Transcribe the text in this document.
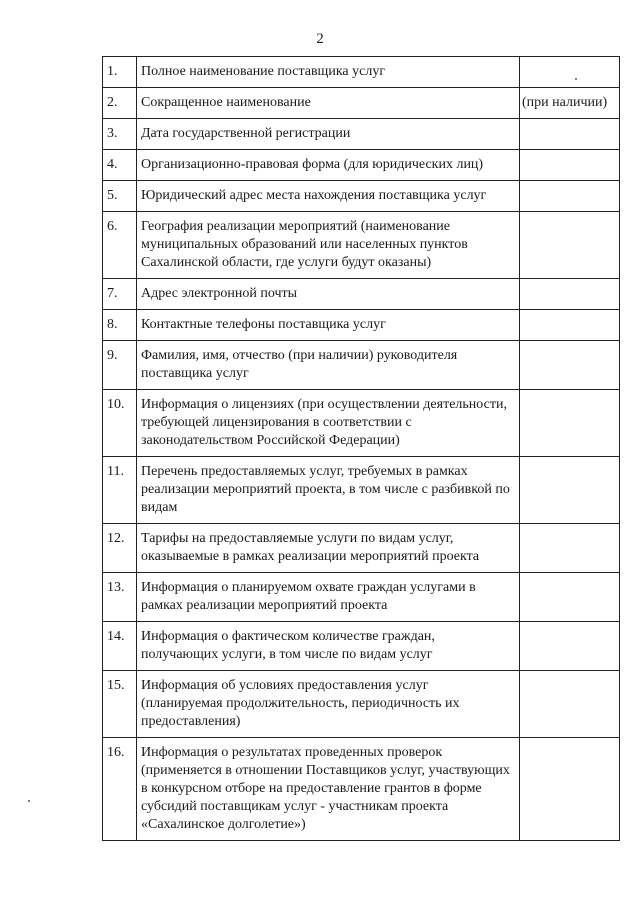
2
1.	Полное наименование поставщика услуг	
2.	Сокращенное наименование	(при наличии)
3.	Дата государственной регистрации	
4.	Организационно-правовая форма (для юридических лиц)	
5.	Юридический адрес места нахождения поставщика услуг	
6.	География реализации мероприятий (наименование муниципальных образований или населенных пунктов Сахалинской области, где услуги будут оказаны)	
7.	Адрес электронной почты	
8.	Контактные телефоны поставщика услуг	
9.	Фамилия, имя, отчество (при наличии) руководителя поставщика услуг	
10.	Информация о лицензиях (при осуществлении деятельности, требующей лицензирования в соответствии с законодательством Российской Федерации)	
11.	Перечень предоставляемых услуг, требуемых в рамках реализации мероприятий проекта, в том числе с разбивкой по видам	
12.	Тарифы на предоставляемые услуги по видам услуг, оказываемые в рамках реализации мероприятий проекта	
13.	Информация о планируемом охвате граждан услугами в рамках реализации мероприятий проекта	
14.	Информация о фактическом количестве граждан, получающих услуги, в том числе по видам услуг	
15.	Информация об условиях предоставления услуг (планируемая продолжительность, периодичность их предоставления)	
16.	Информация о результатах проведенных проверок (применяется в отношении Поставщиков услуг, участвующих в конкурсном отборе на предоставление грантов в форме субсидий поставщикам услуг - участникам проекта «Сахалинское долголетие»)	
